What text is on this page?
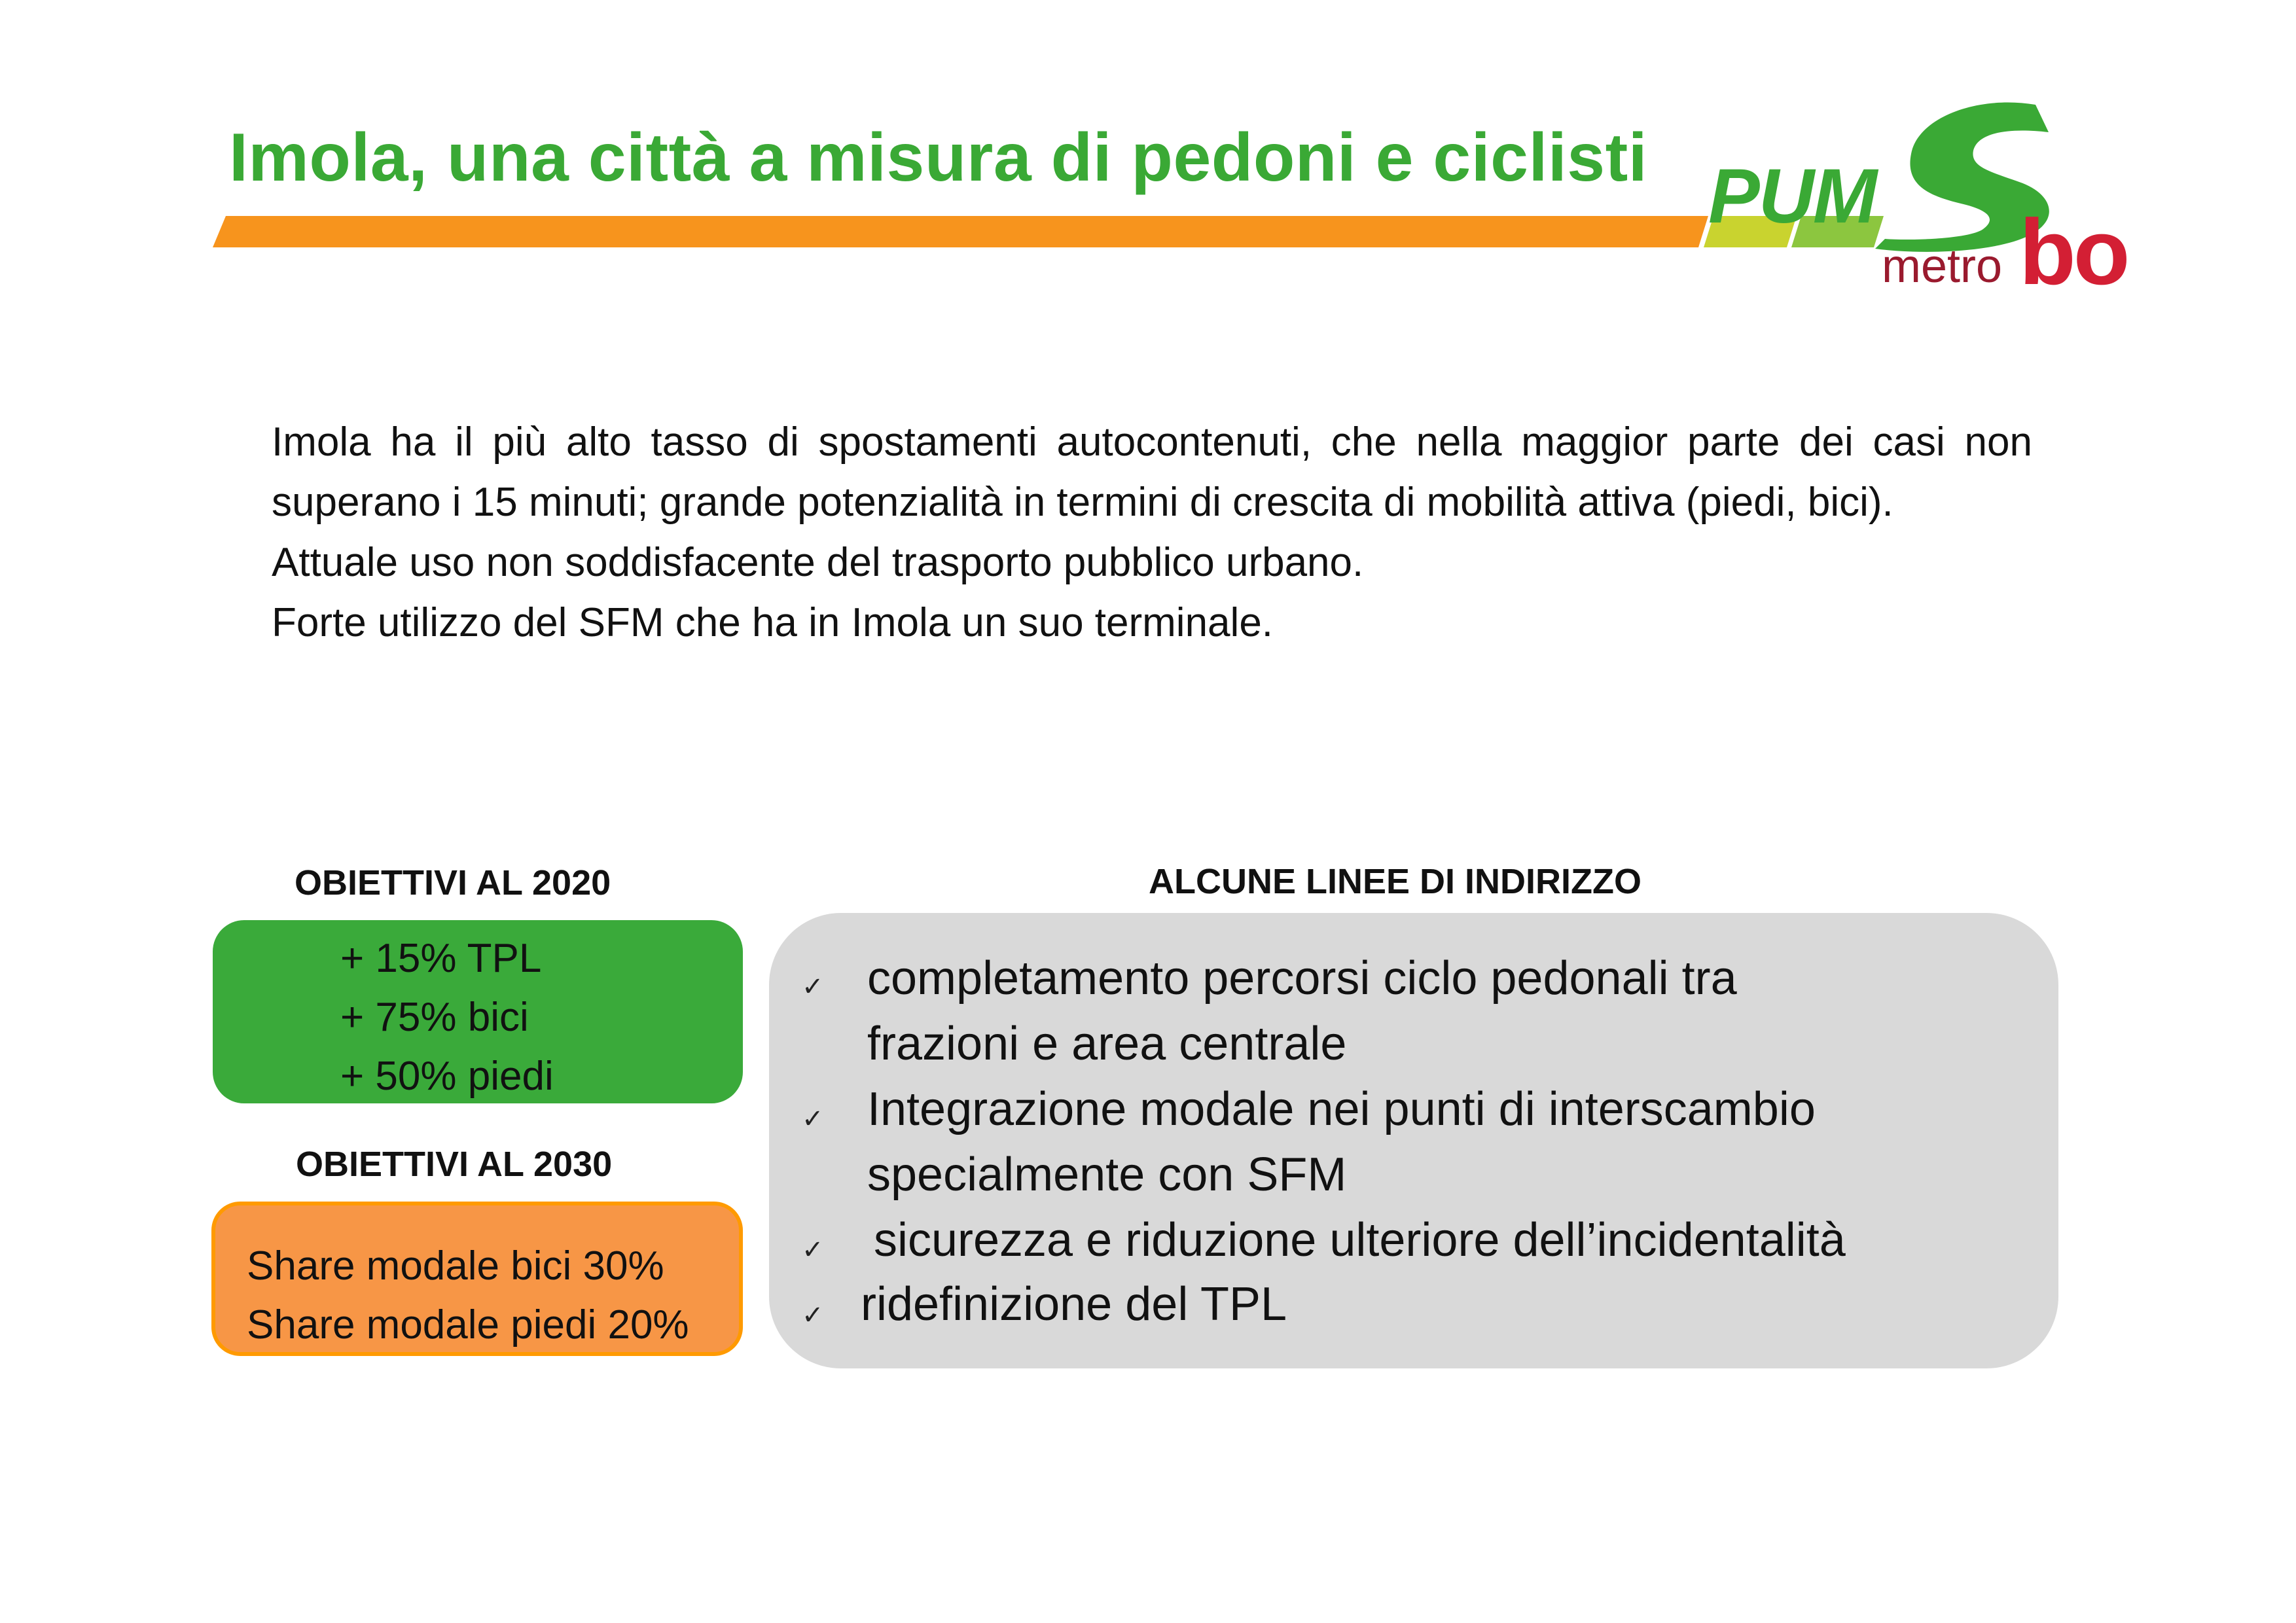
Imola, una città a misura di pedoni e ciclisti PUM
metro bo

Imola ha il più alto tasso di spostamenti autocontenuti, che nella maggior parte dei casi non superano i 15 minuti; grande potenzialità in termini di crescita di mobilità attiva (piedi, bici).

Attuale uso non soddisfacente del trasporto pubblico urbano.

Forte utilizzo del SFM che ha in Imola un suo terminale.

OBIETTIVI AL 2020
+ 15% TPL
+ 75% bici
+ 50% piedi
OBIETTIVI AL 2030
Share modale bici 30%
Share modale piedi 20%
ALCUNE LINEE DI INDIRIZZO
✓ completamento percorsi ciclo pedonali tra
frazioni e area centrale
✓ Integrazione modale nei punti di interscambio
specialmente con SFM
✓ sicurezza e riduzione ulteriore dell’incidentalità
✓ ridefinizione del TPL
